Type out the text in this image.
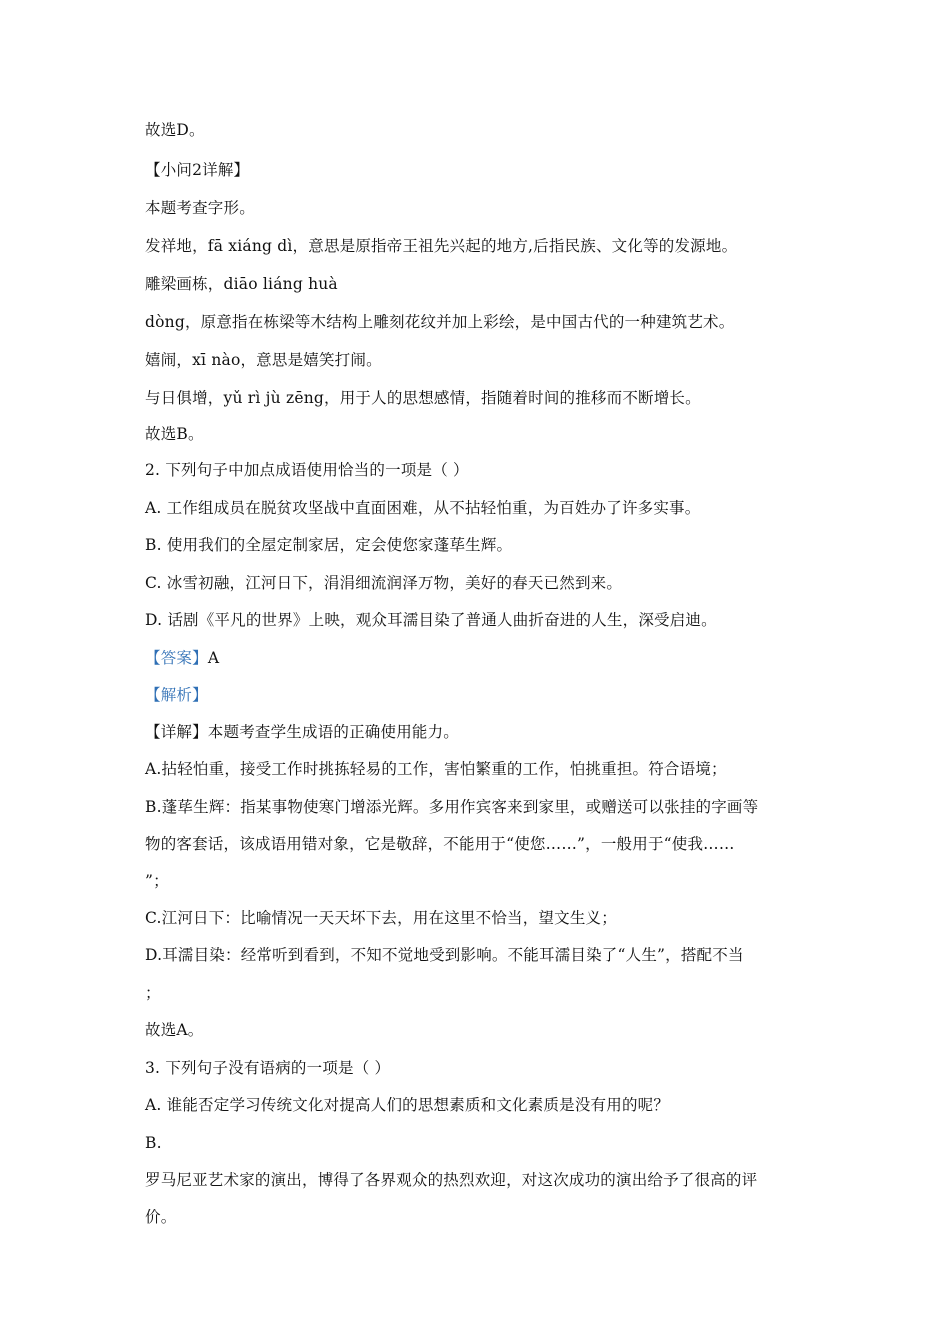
故选D。
【小问2详解】
本题考查字形。
发祥地，fā xiáng dì，意思是原指帝王祖先兴起的地方,后指民族、文化等的发源地。
雕梁画栋，diāo liáng huà
dòng，原意指在栋梁等木结构上雕刻花纹并加上彩绘，是中国古代的一种建筑艺术。
嬉闹，xī nào，意思是嬉笑打闹。
与日俱增，yǔ rì jù zēng，用于人的思想感情，指随着时间的推移而不断增长。
故选B。
2. 下列句子中加点成语使用恰当的一项是（ ）
A. 工作组成员在脱贫攻坚战中直面困难，从不拈轻怕重，为百姓办了许多实事。
B. 使用我们的全屋定制家居，定会使您家蓬荜生辉。
C. 冰雪初融，江河日下，涓涓细流润泽万物，美好的春天已然到来。
D. 话剧《平凡的世界》上映，观众耳濡目染了普通人曲折奋进的人生，深受启迪。
【答案】A
【解析】
【详解】本题考查学生成语的正确使用能力。
A.拈轻怕重，接受工作时挑拣轻易的工作，害怕繁重的工作，怕挑重担。符合语境；
B.蓬荜生辉：指某事物使寒门增添光辉。多用作宾客来到家里，或赠送可以张挂的字画等
物的客套话，该成语用错对象，它是敬辞，不能用于“使您……”，一般用于“使我……
”；
C.江河日下：比喻情况一天天坏下去，用在这里不恰当，望文生义；
D.耳濡目染：经常听到看到，不知不觉地受到影响。不能耳濡目染了“人生”，搭配不当
；
故选A。
3. 下列句子没有语病的一项是（ ）
A. 谁能否定学习传统文化对提高人们的思想素质和文化素质是没有用的呢？
B.
罗马尼亚艺术家的演出，博得了各界观众的热烈欢迎，对这次成功的演出给予了很高的评
价。
